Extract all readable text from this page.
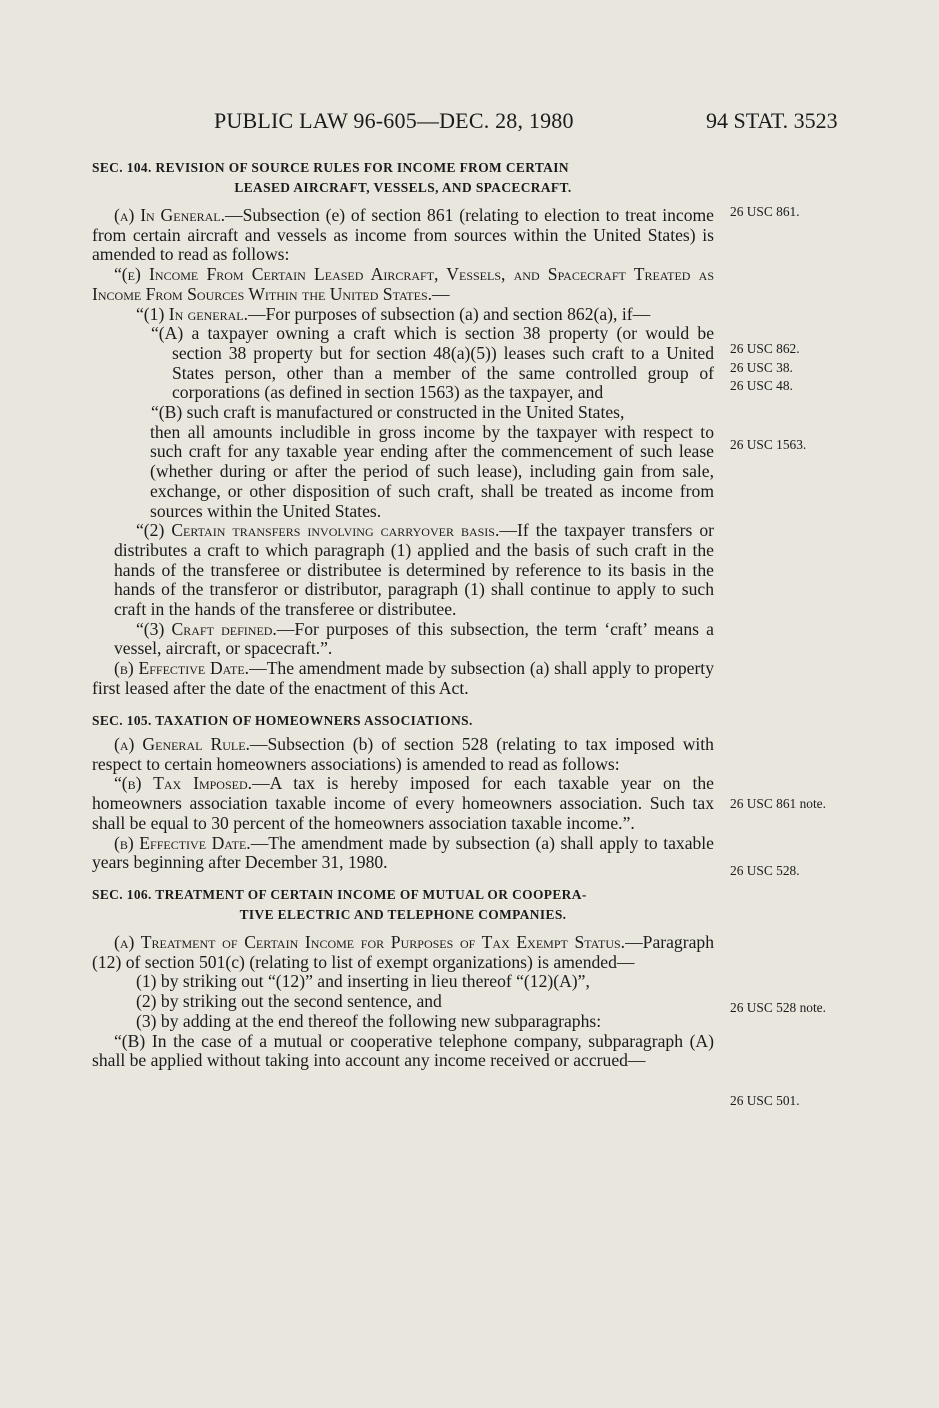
PUBLIC LAW 96-605—DEC. 28, 1980	94 STAT. 3523

SEC. 104. REVISION OF SOURCE RULES FOR INCOME FROM CERTAIN
LEASED AIRCRAFT, VESSELS, AND SPACECRAFT.

(a) In General.—Subsection (e) of section 861 (relating to election to treat income from certain aircraft and vessels as income from sources within the United States) is amended to read as follows:

“(e) Income From Certain Leased Aircraft, Vessels, and Spacecraft Treated as Income From Sources Within the United States.—

“(1) In general.—For purposes of subsection (a) and section 862(a), if—

“(A) a taxpayer owning a craft which is section 38 property (or would be section 38 property but for section 48(a)(5)) leases such craft to a United States person, other than a member of the same controlled group of corporations (as defined in section 1563) as the taxpayer, and

“(B) such craft is manufactured or constructed in the United States,

then all amounts includible in gross income by the taxpayer with respect to such craft for any taxable year ending after the commencement of such lease (whether during or after the period of such lease), including gain from sale, exchange, or other disposition of such craft, shall be treated as income from sources within the United States.

“(2) Certain transfers involving carryover basis.—If the taxpayer transfers or distributes a craft to which paragraph (1) applied and the basis of such craft in the hands of the transferee or distributee is determined by reference to its basis in the hands of the transferor or distributor, paragraph (1) shall continue to apply to such craft in the hands of the transferee or distributee.

“(3) Craft defined.—For purposes of this subsection, the term ‘craft’ means a vessel, aircraft, or spacecraft.”.

(b) Effective Date.—The amendment made by subsection (a) shall apply to property first leased after the date of the enactment of this Act.

SEC. 105. TAXATION OF HOMEOWNERS ASSOCIATIONS.

(a) General Rule.—Subsection (b) of section 528 (relating to tax imposed with respect to certain homeowners associations) is amended to read as follows:

“(b) Tax Imposed.—A tax is hereby imposed for each taxable year on the homeowners association taxable income of every homeowners association. Such tax shall be equal to 30 percent of the homeowners association taxable income.”.

(b) Effective Date.—The amendment made by subsection (a) shall apply to taxable years beginning after December 31, 1980.

SEC. 106. TREATMENT OF CERTAIN INCOME OF MUTUAL OR COOPERA-
TIVE ELECTRIC AND TELEPHONE COMPANIES.

(a) Treatment of Certain Income for Purposes of Tax Exempt Status.—Paragraph (12) of section 501(c) (relating to list of exempt organizations) is amended—

(1) by striking out “(12)” and inserting in lieu thereof “(12)(A)”,

(2) by striking out the second sentence, and

(3) by adding at the end thereof the following new subparagraphs:

“(B) In the case of a mutual or cooperative telephone company, subparagraph (A) shall be applied without taking into account any income received or accrued—

26 USC 861.
26 USC 862.
26 USC 38.
26 USC 48.
26 USC 1563.
26 USC 861 note.
26 USC 528.
26 USC 528 note.
26 USC 501.
